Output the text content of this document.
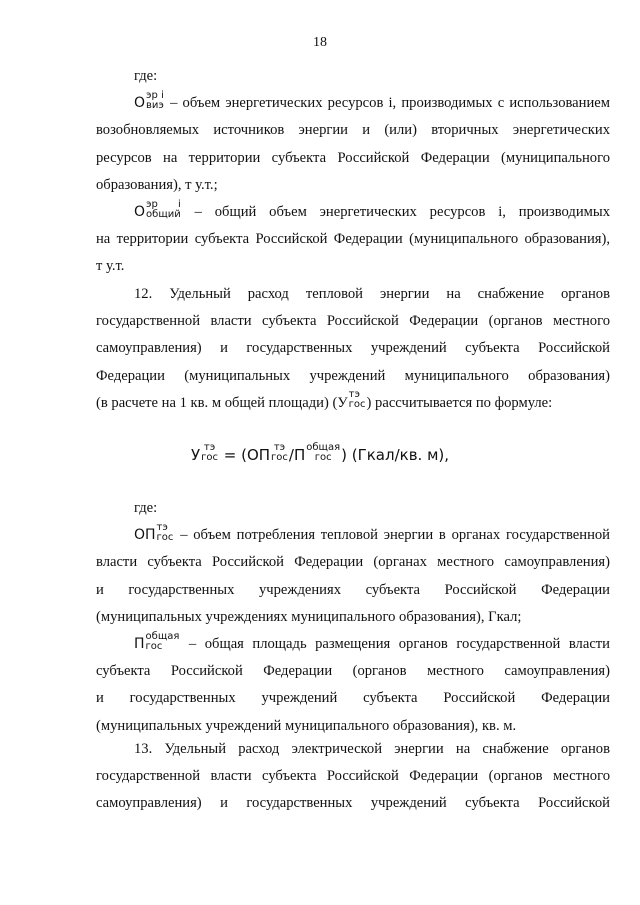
18
где:
О эр i
виэ – объем энергетических ресурсов i, производимых с использованием
возобновляемых источников энергии и (или) вторичных энергетических
ресурсов на территории субъекта Российской Федерации (муниципального
образования), т у.т.;
О эр i
общий – общий объем энергетических ресурсов i, производимых
на территории субъекта Российской Федерации (муниципального образования),
т у.т.
12. Удельный расход тепловой энергии на снабжение органов
государственной власти субъекта Российской Федерации (органов местного
самоуправления) и государственных учреждений субъекта Российской
Федерации (муниципальных учреждений муниципального образования)
(в расчете на 1 кв. м общей площади) (У тэ
гос ) рассчитывается по формуле:
У тэ
гос = (ОП тэ
гос /П общая
гос ) (Гкал/кв. м),
где:
ОП тэ
гос – объем потребления тепловой энергии в органах государственной
власти субъекта Российской Федерации (органах местного самоуправления)
и государственных учреждениях субъекта Российской Федерации
(муниципальных учреждениях муниципального образования), Гкал;
П общая
гос	– общая площадь размещения органов государственной власти
субъекта Российской Федерации (органов местного самоуправления)
и государственных учреждений субъекта Российской Федерации
(муниципальных учреждений муниципального образования), кв. м.
13. Удельный расход электрической энергии на снабжение органов
государственной власти субъекта Российской Федерации (органов местного
самоуправления) и государственных учреждений субъекта Российской
